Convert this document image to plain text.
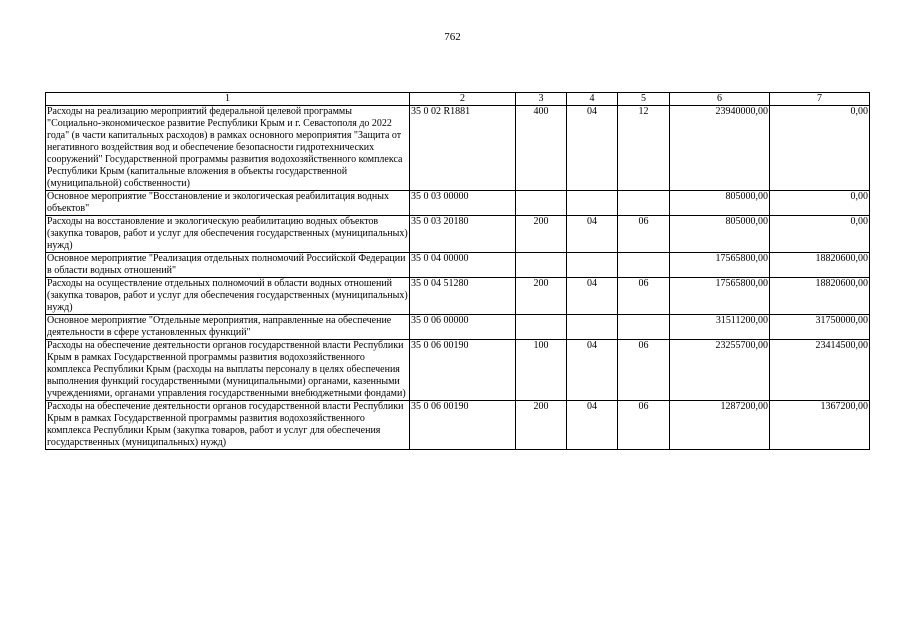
762
1	2	3	4	5	6	7
Расходы на реализацию мероприятий федеральной целевой программы "Социально-экономическое развитие Республики Крым и г. Севастополя до 2022 года" (в части капитальных расходов) в рамках основного мероприятия "Защита от негативного воздействия вод и обеспечение безопасности гидротехнических сооружений" Государственной программы развития водохозяйственного комплекса Республики Крым (капитальные вложения в объекты государственной (муниципальной) собственности)	35 0 02 R1881	400	04	12	23940000,00	0,00
Основное мероприятие "Восстановление и экологическая реабилитация водных объектов"	35 0 03 00000				805000,00	0,00
Расходы на восстановление и экологическую реабилитацию водных объектов (закупка товаров, работ и услуг для обеспечения государственных (муниципальных) нужд)	35 0 03 20180	200	04	06	805000,00	0,00
Основное мероприятие "Реализация отдельных полномочий Российской Федерации в области водных отношений"	35 0 04 00000				17565800,00	18820600,00
Расходы на осуществление отдельных полномочий в области водных отношений (закупка товаров, работ и услуг для обеспечения государственных (муниципальных) нужд)	35 0 04 51280	200	04	06	17565800,00	18820600,00
Основное мероприятие "Отдельные мероприятия, направленные на обеспечение деятельности в сфере установленных функций"	35 0 06 00000				31511200,00	31750000,00
Расходы на обеспечение деятельности органов государственной власти Республики Крым в рамках Государственной программы развития водохозяйственного комплекса Республики Крым (расходы на выплаты персоналу в целях обеспечения выполнения функций государственными (муниципальными) органами, казенными учреждениями, органами управления государственными внебюджетными фондами)	35 0 06 00190	100	04	06	23255700,00	23414500,00
Расходы на обеспечение деятельности органов государственной власти Республики Крым в рамках Государственной программы развития водохозяйственного комплекса Республики Крым (закупка товаров, работ и услуг для обеспечения государственных (муниципальных) нужд)	35 0 06 00190	200	04	06	1287200,00	1367200,00
